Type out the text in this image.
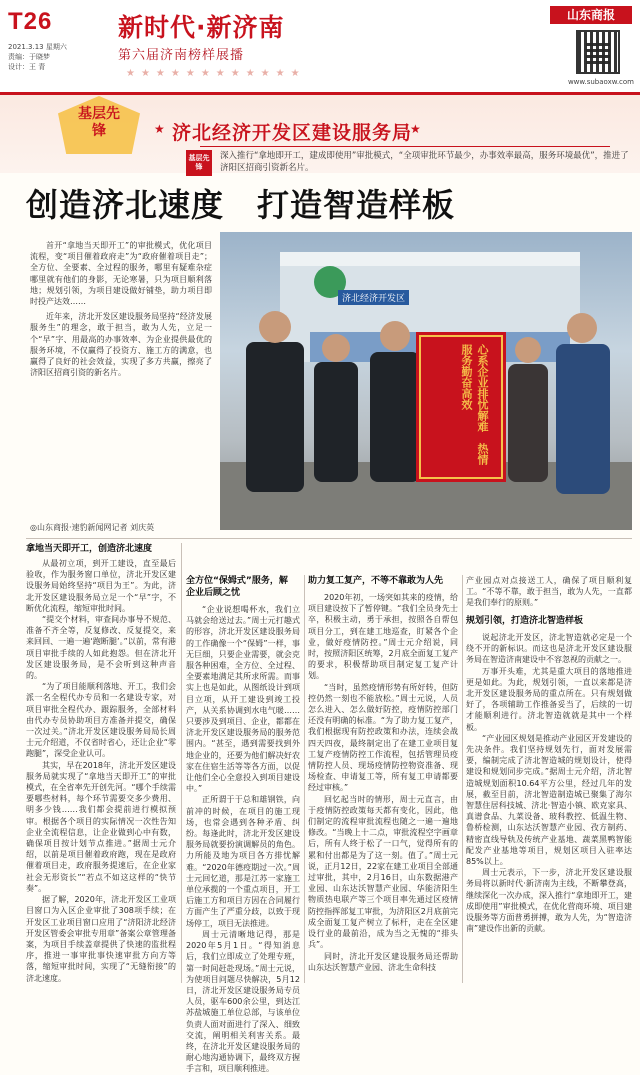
T26
2021.3.13 星期六
责编：于晓梦
设计：王 青
新时代·新济南
第六届济南榜样展播
★★★★★★★★★★★★
山东商报
www.subaoxw.com
基层先锋	★ 济北经济开发区建设服务局
★
基层先锋
深入推行“拿地即开工，建成即使用”审批模式，“全项审批环节最少，办事效率最高，服务环境最优”，推进了济阳区招商引资新名片。
创造济北速度　打造智造样板

首开“拿地当天即开工”的审批模式，优化项目流程，变“项目催着政府走”为“政府催着项目走”；全方位、全要素、全过程的服务，哪里有疑难杂症哪里就有他们的身影，无论寒暑，只为项目顺利落地；规划引领，为项目建设做好铺垫，助力项目即时投产达效……

近年来，济北开发区建设服务局坚持“经济发展服务生”的理念，敢于担当，敢为人先，立足一个“早”字、用最高的办事效率、为企业提供最优的服务环境，不仅赢得了投资方、施工方的满意，也赢得了良好的社会效益，实现了多方共赢，擦亮了济阳区招商引资的新名片。

◎山东商报·速豹新闻网记者 刘庆英
济北经济开发区
心系企业排忧解难　热情服务勤奋高效
拿地当天即开工，创造济北速度

从最初立项，到开工建设，直至最后验收，作为服务窗口单位，济北开发区建设服务局始终坚持“项目为王”。为此，济北开发区建设服务局立足一个“早”字，不断优化流程，缩短审批时间。

“提交个材料，审查间办事导不规范、准备不齐全等，反复修改、反复提交，来来回回、一遍一遍‘跑断腿’。”以前，常有港项目审批手续的人如此抱怨。但在济北开发区建设服务局，是不会听到这种声音的。

“为了项目能顺利落地、开工，我们会派一名全程代办专员和一名建设专家，对项目审批全程代办、跟踪服务，全部材料由代办专员协助项目方准备并提交，确保一次过关。”济北开发区建设服务局局长周士元介绍道，不仅省时省心，还让企业“零跑腿”，深受企业认可。

其实，早在2018年，济北开发区建设服务局就实现了“拿地当天即开工”的审批模式，在全省率先开创先河。“哪个手续需要哪些材料，每个环节需要交多少费用、明多少钱……我们都会提前进行模拟预审。根据各个项目的实际情况一次性告知企业全流程信息，让企业做到心中有数，确保项目按计划节点推进。”据周士元介绍，以前是项目催着政府跑，现在是政府催着项目走，政府服务提速后，在企业家社会无形资长”“若点不如这这样的“快节奏”。

据了解，2020年，济北开发区工业项目窗口为入区企业审批了308项手续；在开发区工业项目窗口应用了“济阳济北经济开发区管委会审批专用章”备案公章管理备案，为项目手续盖章提供了快速的监批程序，推进一事审批事快速审批方向方等落，缩短审批时间，实现了“无缝衔接”的济北速度。

全方位“保姆式”服务，解企业后顾之忧

“企业说想喝杯水，我们立马就会给送过去。”周士元打趣式的形容，济北开发区建设服务局的工作确像一个“保姆”一样，事无巨细，只要企业需要，就会克服各种困难，全方位、全过程、全要素地满足其所求所需。而事实上也是如此，从图纸设计到项目立项，从开工建设到竣工投产，从关系协调到水电气暖……只要涉及到项目、企业，都都在济北开发区建设服务局的服务范围内。“甚至，遇到需要找到外地企业的，还要为他们解决好农家在住宿生活等等各方面，以促让他们全心全意投入到项目建设中。”

正所谓于于总和雄钢铁，向前冲的时候，在项目的施工现场，也常会遇到各种矛盾、纠纷。每逢此时，济北开发区建设服务局就要扮演调解员的角色。力所能及地为项目各方排忧解难。“2020年德疫期过一次。”周士元回忆道，那是江苏一家施工单位承揽的一个重点项目，开工后施工方和项目方因在合同履行方面产生了严重分歧，以致于现场停工，项目无法推进。

周士元清晰地记得，那是2020年5月1日。“得知消息后，我们立即成立了处理专班，第一时间赶赴现场。”周士元说，为使项目问题尽快解决，5月12日，济北开发区建设服务局专员人员，驱车600余公里，到达江苏盐城施工单位总部，与该单位负责人面对面进行了深入、细致交流，阐明相关利害关系。最终，在济北开发区建设服务局的耐心地沟通协调下，最终双方握手言和，项目顺利推进。

助力复工复产，不等不靠敢为人先

2020年初，一场突如其来的疫情，给项目建设按下了暂停键。“我们全员身先士卒，积极主动，勇于承担，按照各自帮包项目分工，到在建工地巡查，盯紧各个企业，做好疫情防控。”周士元介绍说，同时，按照济阳区统筹，2月底全面复工复产的要求，积极帮助项目制定复工复产计划。

“当时，虽然疫情形势有所好转，但防控仍然一刻也不能放松。”周士元说，人员怎么进入、怎么做好防控，疫情防控部门还没有明确的标准。“为了助力复工复产，我们根据现有防控政策和办法，连续会战四天四夜，最终制定出了在建工业项目复工复产疫情防控工作流程，包括管理员疫情防控人员、现场疫情防控物资准备、现场检查、申请复工等，所有复工申请都要经过审核。”

回忆起当时的情形，周士元直言，由于疫情防控政策每天都有变化，因此，他们制定的流程审批流程也随之一遍一遍地修改。“当晚上十二点，审批流程空字画章后，所有人终于松了一口气，觉得所有的累和付出都是为了这一刻。值了。”周士元说，正月12日，22家在建工业项目全部通过审批，其中，2月16日，山东数据港产业园、山东达沃智慧产业园、华能济阳生物质热电联产等三个项目率先通过区疫情防控指挥部复工审批，为济阳区2月底前完成全面复工复产树立了标杆，走在全区建设行业的最前沿，成为当之无愧的“排头兵”。

同时，济北开发区建设服务局还帮助山东达沃智慧产业园、济北生命科技

产业园点对点接送工人，确保了项目顺利复工。“不等不靠，敢于担当，敢为人先，一直都是我们奉行的原则。”

规划引领，打造济北智造样板

说起济北开发区，济北智造就必定是一个绕不开的新标识。而这也是济北开发区建设服务局在智造济南建设中不容忽视的贡献之一。

万事开头难，尤其是重大项目的落地推进更是如此。为此，规划引领，一直以来都是济北开发区建设服务局的重点所在。只有规划做好了，各项辅助工作推备妥当了，后续的一切才能顺利进行。济北智造就就是其中一个样板。

“产业园区规划是推动产业园区开发建设的先决条件。我们坚持规划先行，面对发展需要，编制完成了济北智造城的规划设计，使得建设和规划同步完成。”据周士元介绍，济北智造城规划面积10.64平方公里，经过几年的发展，截至目前，济北智造制造城已聚集了海尔智慧住居科技城、济北·智造小镇、欧克家具、真谱食品、九菜设备、玻科教控、低温生物、鲁桥检测，山东达沃智慧产业园、孜方制药、精密直线导轨及传统产业基地、蔬菜黑鸭智能配发产业基地等项目，规划区项目入驻率达85%以上。

周士元表示，下一步，济北开发区建设服务局将以新时代·新济南为主线，不断攀登高，继续深化一次办成，深入推行“拿地即开工，建成即使用”审批模式，在优化营商环境、项目建设服务等方面普勇拼搏，敢为人先，为“智造济南”建设作出新的贡献。
